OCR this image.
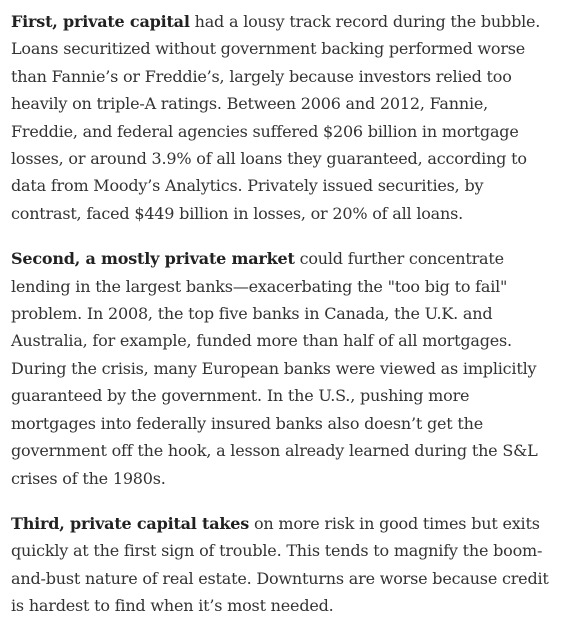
First, private capital had a lousy track record during the bubble. Loans securitized without government backing performed worse than Fannie’s or Freddie’s, largely because investors relied too heavily on triple-A ratings. Between 2006 and 2012, Fannie, Freddie, and federal agencies suffered $206 billion in mortgage losses, or around 3.9% of all loans they guaranteed, according to data from Moody’s Analytics. Privately issued securities, by contrast, faced $449 billion in losses, or 20% of all loans.

Second, a mostly private market could further concentrate lending in the largest banks—exacerbating the "too big to fail" problem. In 2008, the top five banks in Canada, the U.K. and Australia, for example, funded more than half of all mortgages. During the crisis, many European banks were viewed as implicitly guaranteed by the government. In the U.S., pushing more mortgages into federally insured banks also doesn’t get the government off the hook, a lesson already learned during the S&L crises of the 1980s.

Third, private capital takes on more risk in good times but exits quickly at the first sign of trouble. This tends to magnify the boom-and-bust nature of real estate. Downturns are worse because credit is hardest to find when it’s most needed.
